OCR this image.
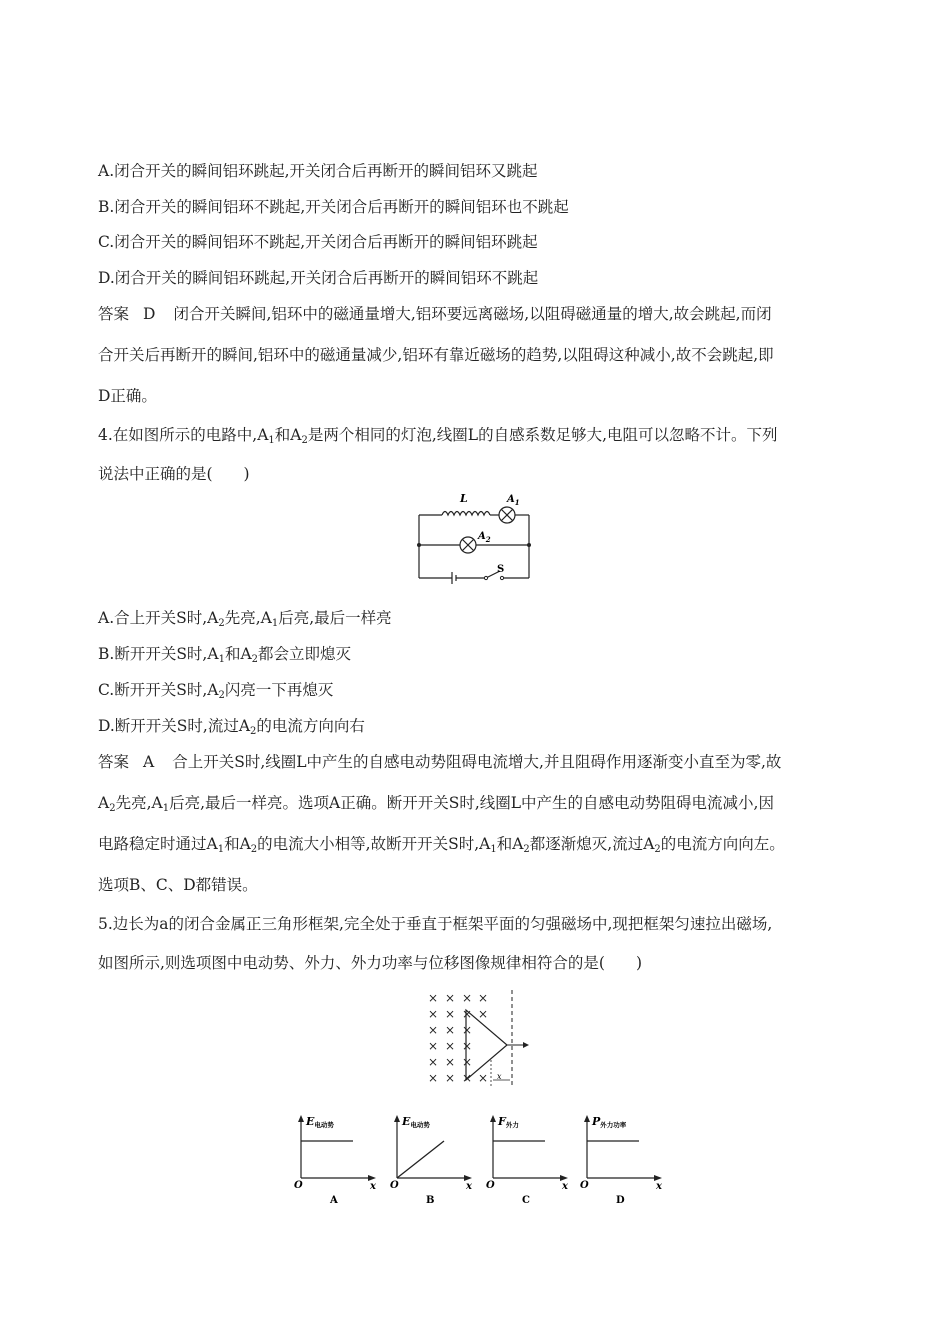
A.闭合开关的瞬间铝环跳起,开关闭合后再断开的瞬间铝环又跳起
B.闭合开关的瞬间铝环不跳起,开关闭合后再断开的瞬间铝环也不跳起
C.闭合开关的瞬间铝环不跳起,开关闭合后再断开的瞬间铝环跳起
D.闭合开关的瞬间铝环跳起,开关闭合后再断开的瞬间铝环不跳起
答案 D 闭合开关瞬间,铝环中的磁通量增大,铝环要远离磁场,以阻碍磁通量的增大,故会跳起,而闭
合开关后再断开的瞬间,铝环中的磁通量减少,铝环有靠近磁场的趋势,以阻碍这种减小,故不会跳起,即
D正确。
4.在如图所示的电路中$,A_1$和$A_2$是两个相同的灯泡,线圈L的自感系数足够大,电阻可以忽略不计。下列
说法中正确的是(　　)
L	$A_1$
$A_2$
S
A.合上开关S时$,A_2$先亮$,A_1$后亮,最后一样亮
B.断开开关S时$,A_1$和$A_2$都会立即熄灭
C.断开开关S时$,A_2$闪亮一下再熄灭
D.断开开关S时,流过$A_2$的电流方向向右
答案 A 合上开关S时,线圈L中产生的自感电动势阻碍电流增大,并且阻碍作用逐渐变小直至为零,故
$A_2$先亮$,A_1$后亮,最后一样亮。选项A正确。断开开关S时,线圈L中产生的自感电动势阻碍电流减小,因
电路稳定时通过$A_1$和$A_2$的电流大小相等,故断开开关S时$,A_1$和$A_2$都逐渐熄灭,流过$A_2$的电流方向向左。
选项B、C、D都错误。
5.边长为a的闭合金属正三角形框架,完全处于垂直于框架平面的匀强磁场中,现把框架匀速拉出磁场,
如图所示,则选项图中电动势、外力、外力功率与位移图像规律相符合的是(　　)
× × × ×
× × × ×
× × ×
× × ×
× × ×
× × × × x
E电动势
O	x
A
E电动势
O	x
B
F外力
O	x
C
P外力功率
O	x
D
